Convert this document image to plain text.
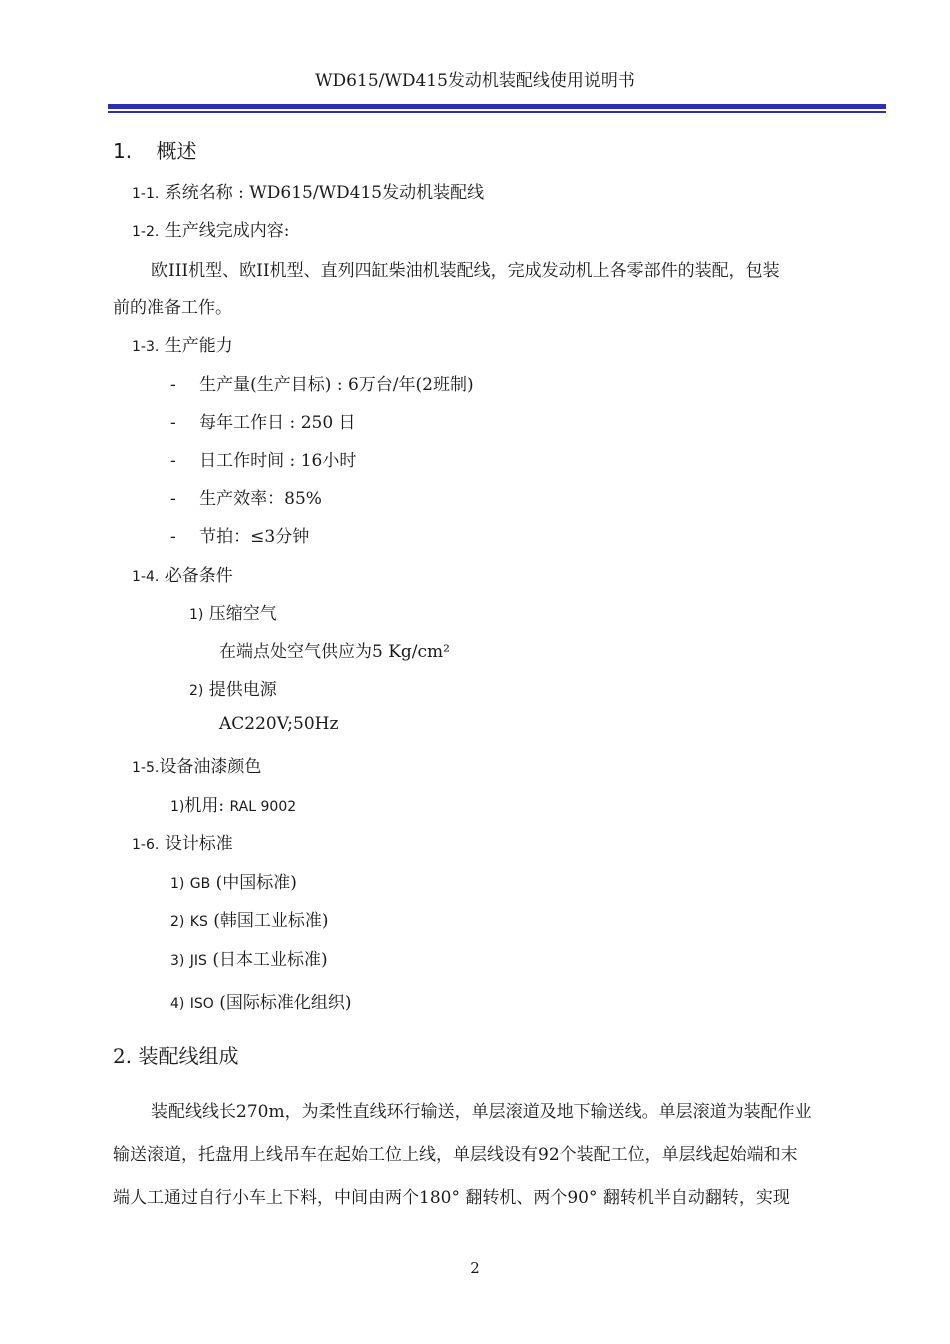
WD615/WD415发动机装配线使用说明书
1. 概述
1-1. 系统名称 : WD615/WD415发动机装配线
1-2. 生产线完成内容:
欧III机型、欧II机型、直列四缸柴油机装配线，完成发动机上各零部件的装配，包装
前的准备工作。
1-3. 生产能力
- 生产量(生产目标) : 6万台/年(2班制)
- 每年工作日 : 250 日
- 日工作时间 : 16小时
- 生产效率：85%
- 节拍：≤3分钟
1-4. 必备条件
1) 压缩空气
在端点处空气供应为5 Kg/cm²
2) 提供电源
AC220V;50Hz
1-5.设备油漆颜色
1)机用: RAL 9002
1-6. 设计标准
1) GB (中国标准)
2) KS (韩国工业标准)
3) JIS (日本工业标准)
4) ISO (国际标准化组织)
2. 装配线组成
装配线线长270m，为柔性直线环行输送，单层滚道及地下输送线。单层滚道为装配作业
输送滚道，托盘用上线吊车在起始工位上线，单层线设有92个装配工位，单层线起始端和末
端人工通过自行小车上下料，中间由两个180° 翻转机、两个90° 翻转机半自动翻转，实现
2
